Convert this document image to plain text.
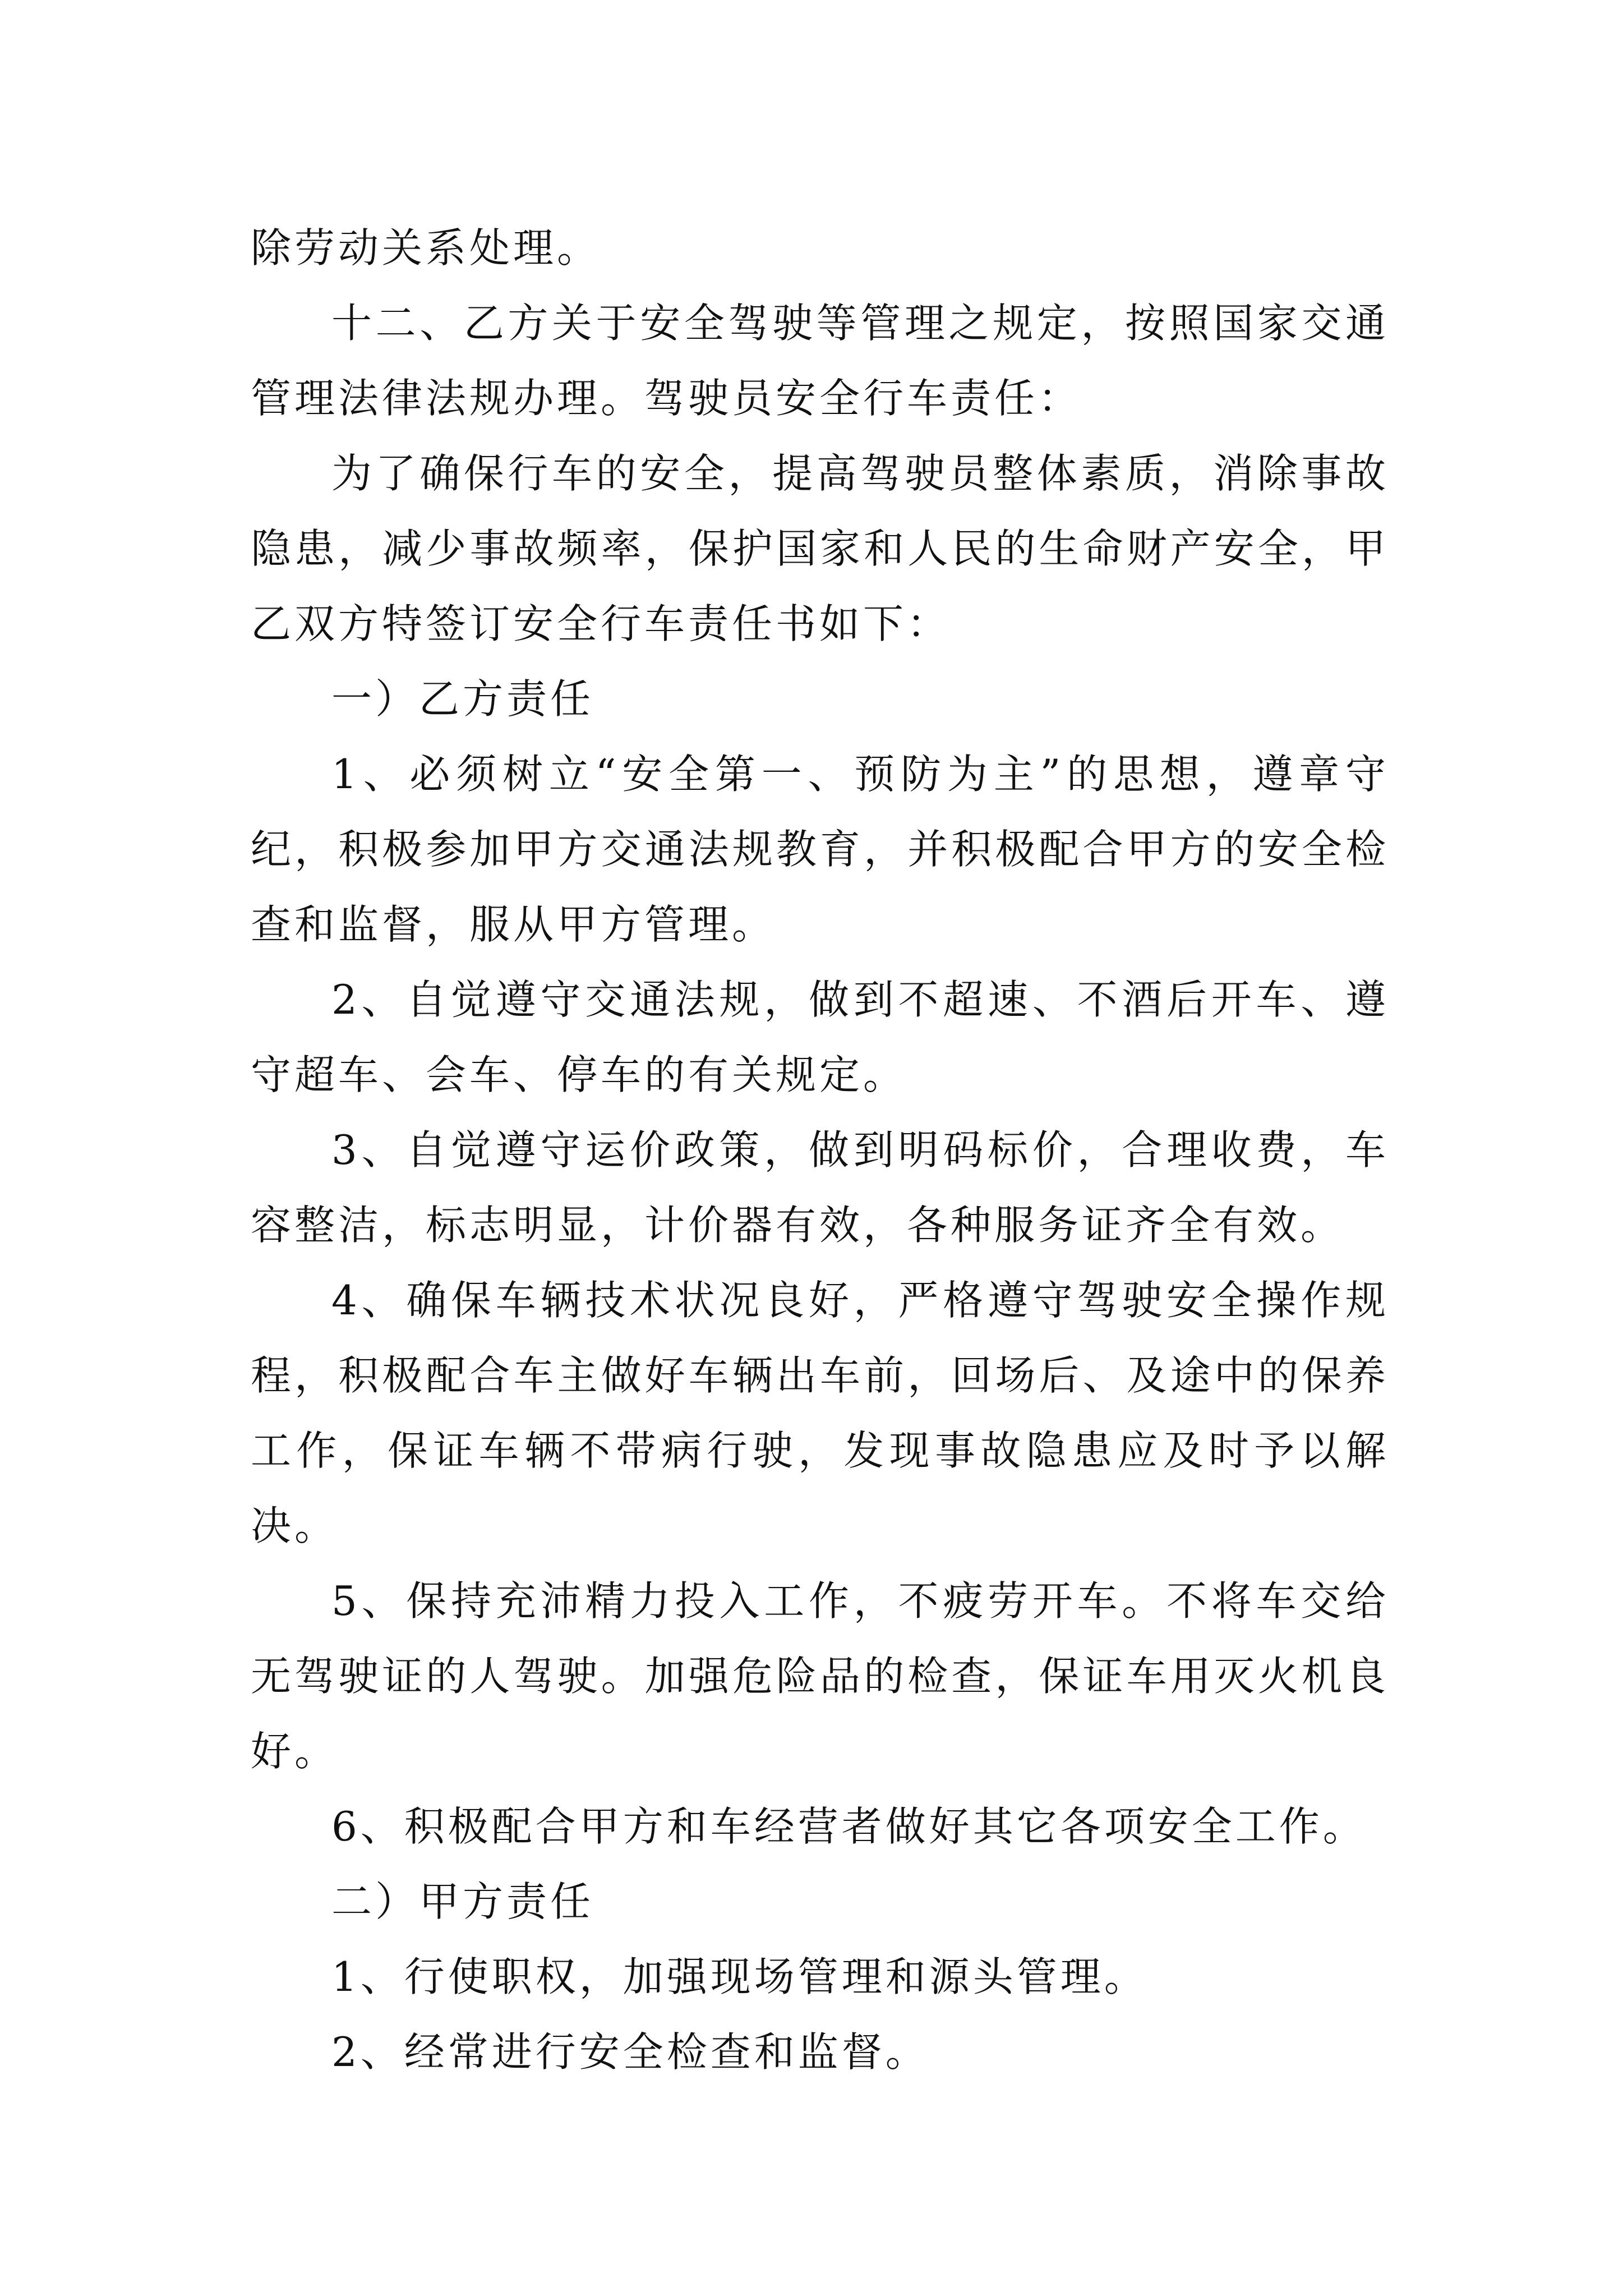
除劳动关系处理。

十二、乙方关于安全驾驶等管理之规定，按照国家交通管理法律法规办理。驾驶员安全行车责任：

为了确保行车的安全，提高驾驶员整体素质，消除事故隐患，减少事故频率，保护国家和人民的生命财产安全，甲乙双方特签订安全行车责任书如下：

一）乙方责任

1、必须树立“安全第一、预防为主”的思想，遵章守纪，积极参加甲方交通法规教育，并积极配合甲方的安全检查和监督，服从甲方管理。

2、自觉遵守交通法规，做到不超速、不酒后开车、遵守超车、会车、停车的有关规定。

3、自觉遵守运价政策，做到明码标价，合理收费，车容整洁，标志明显，计价器有效，各种服务证齐全有效。

4、确保车辆技术状况良好，严格遵守驾驶安全操作规程，积极配合车主做好车辆出车前，回场后、及途中的保养工作，保证车辆不带病行驶，发现事故隐患应及时予以解决。

5、保持充沛精力投入工作，不疲劳开车。不将车交给无驾驶证的人驾驶。加强危险品的检查，保证车用灭火机良好。

6、积极配合甲方和车经营者做好其它各项安全工作。

二）甲方责任

1、行使职权，加强现场管理和源头管理。

2、经常进行安全检查和监督。
